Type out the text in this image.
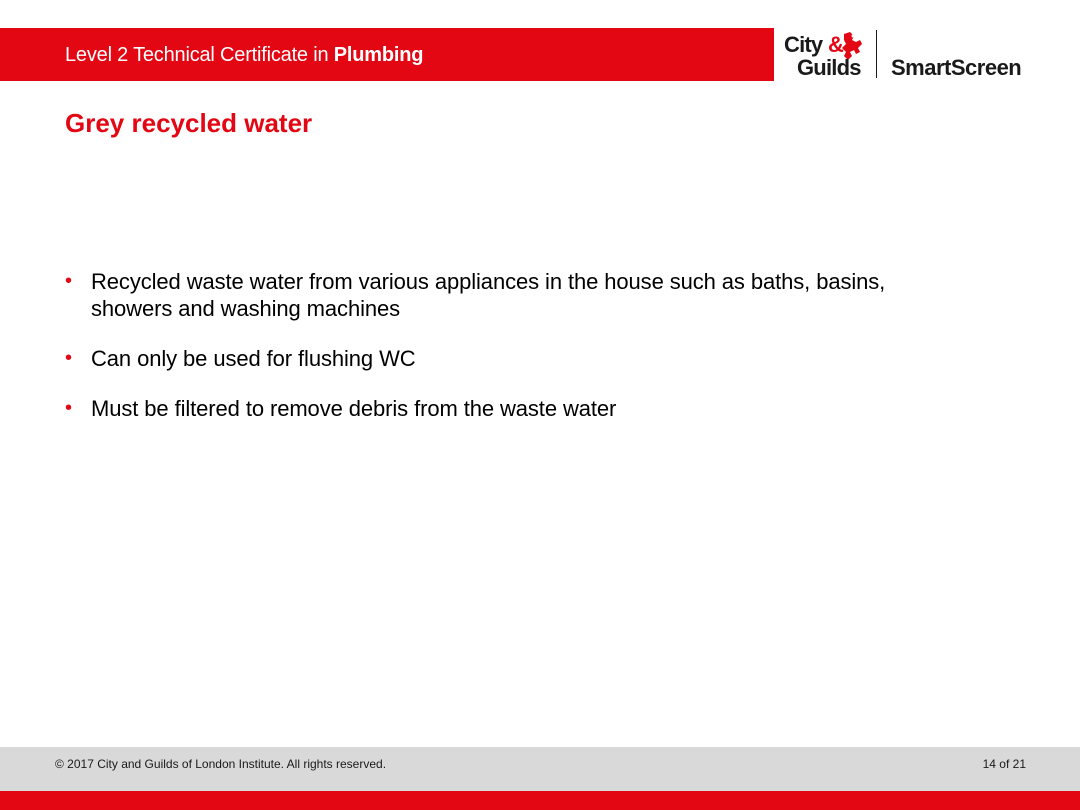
Level 2 Technical Certificate in Plumbing	City &
Guilds SmartScreen
Grey recycled water
• Recycled waste water from various appliances in the house such as baths, basins, showers and washing machines
• Can only be used for flushing WC
• Must be filtered to remove debris from the waste water
© 2017 City and Guilds of London Institute. All rights reserved.	14 of 21
